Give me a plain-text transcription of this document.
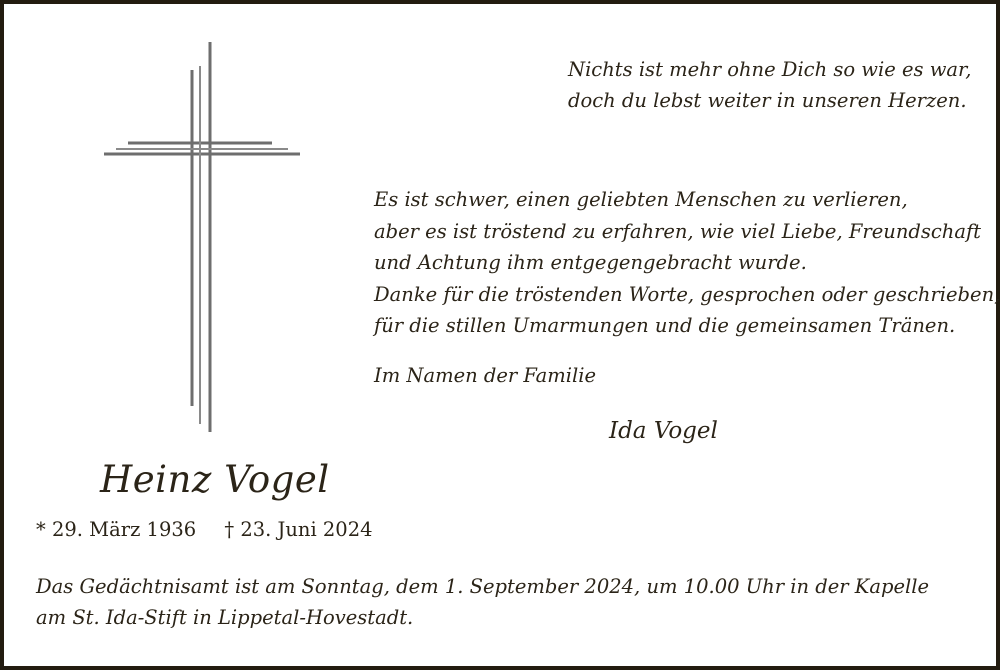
Nichts ist mehr ohne Dich so wie es war,
doch du lebst weiter in unseren Herzen.
Es ist schwer, einen geliebten Menschen zu verlieren,
aber es ist tröstend zu erfahren, wie viel Liebe, Freundschaft
und Achtung ihm entgegengebracht wurde.
Danke für die tröstenden Worte, gesprochen oder geschrieben,
für die stillen Umarmungen und die gemeinsamen Tränen.
Im Namen der Familie
Ida Vogel
Heinz Vogel
* 29. März 1936 † 23. Juni 2024
Das Gedächtnisamt ist am Sonntag, dem 1. September 2024, um 10.00 Uhr in der Kapelle
am St. Ida-Stift in Lippetal-Hovestadt.
